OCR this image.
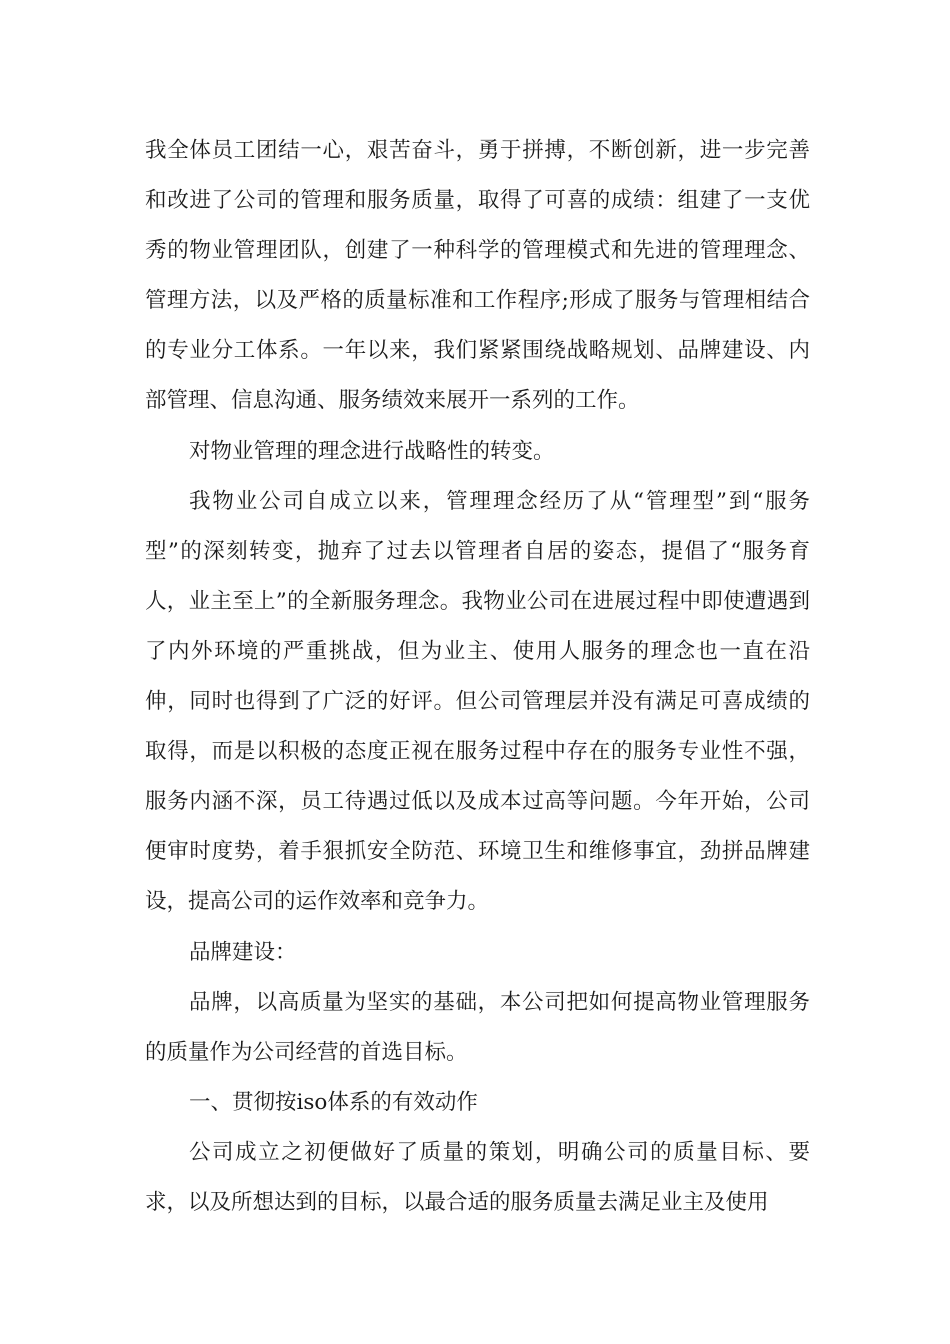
我全体员工团结一心，艰苦奋斗，勇于拼搏，不断创新，进一步完善和改进了公司的管理和服务质量，取得了可喜的成绩：组建了一支优秀的物业管理团队，创建了一种科学的管理模式和先进的管理理念、管理方法，以及严格的质量标准和工作程序;形成了服务与管理相结合的专业分工体系。一年以来，我们紧紧围绕战略规划、品牌建设、内部管理、信息沟通、服务绩效来展开一系列的工作。

对物业管理的理念进行战略性的转变。

我物业公司自成立以来，管理理念经历了从“管理型”到“服务型”的深刻转变，抛弃了过去以管理者自居的姿态，提倡了“服务育人，业主至上”的全新服务理念。我物业公司在进展过程中即使遭遇到了内外环境的严重挑战，但为业主、使用人服务的理念也一直在沿伸，同时也得到了广泛的好评。但公司管理层并没有满足可喜成绩的取得，而是以积极的态度正视在服务过程中存在的服务专业性不强，服务内涵不深，员工待遇过低以及成本过高等问题。今年开始，公司便审时度势，着手狠抓安全防范、环境卫生和维修事宜，劲拼品牌建设，提高公司的运作效率和竞争力。

品牌建设：

品牌，以高质量为坚实的基础，本公司把如何提高物业管理服务的质量作为公司经营的首选目标。

一、贯彻按iso体系的有效动作

公司成立之初便做好了质量的策划，明确公司的质量目标、要求，以及所想达到的目标，以最合适的服务质量去满足业主及使用
